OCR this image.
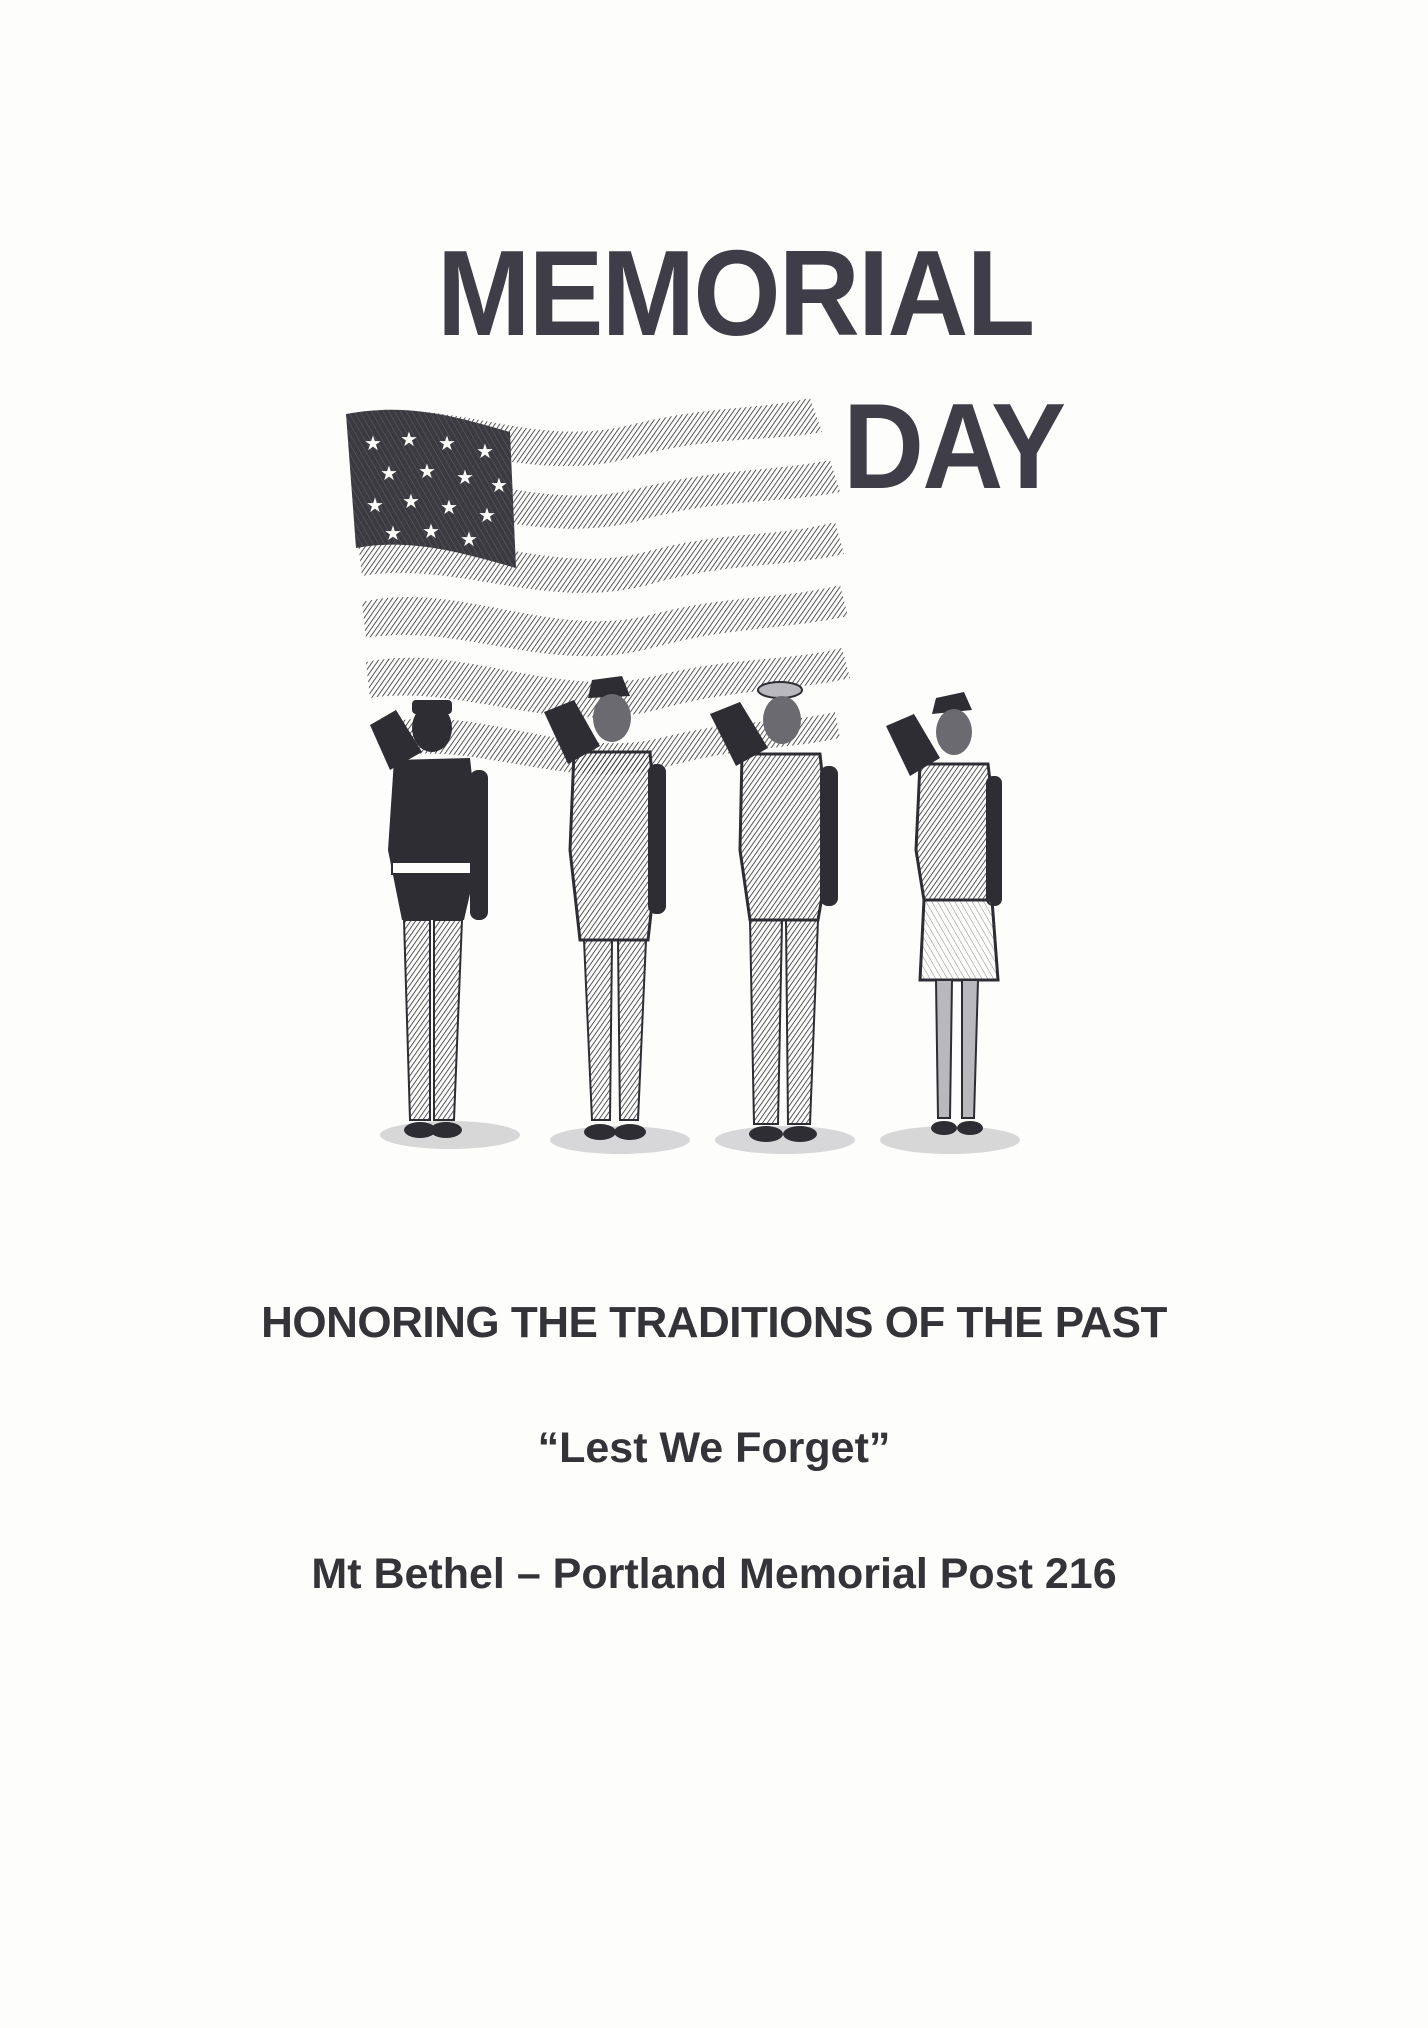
MEMORIAL
★ ★ ★ ★
★ ★ ★ ★
★ ★ ★ ★
★ ★ ★
DAY
HONORING THE TRADITIONS OF THE PAST
“Lest We Forget”
Mt Bethel – Portland Memorial Post 216
